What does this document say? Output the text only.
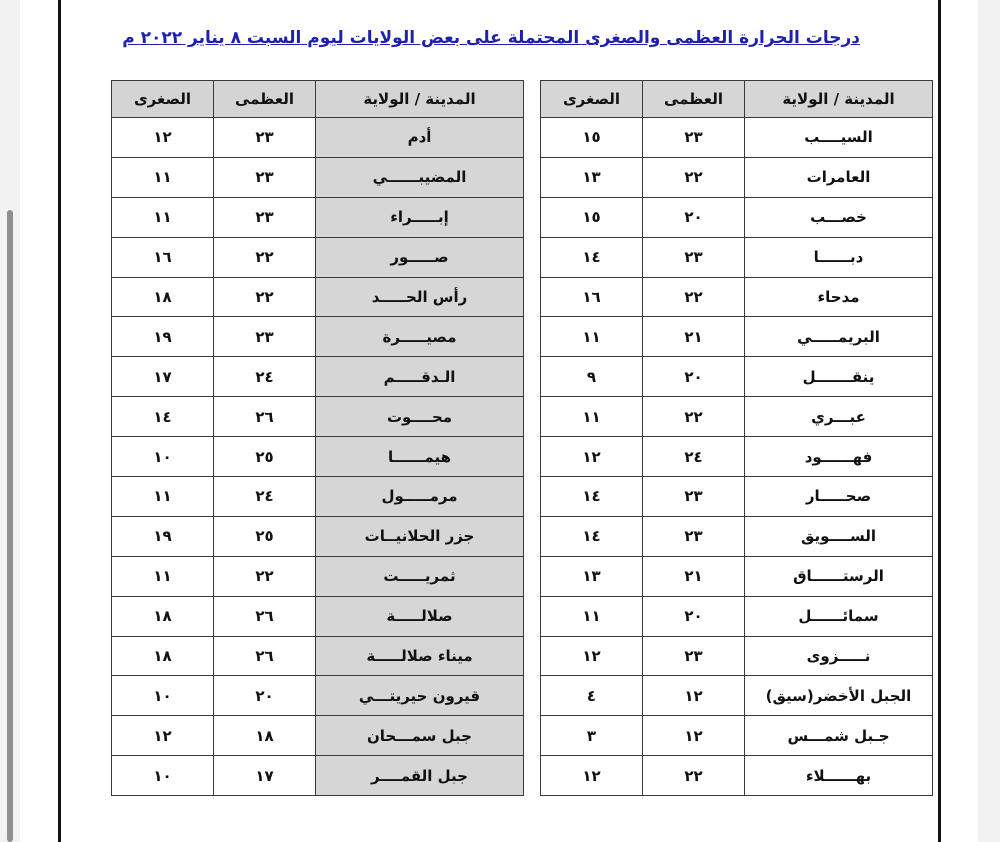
درجات الحرارة العظمى والصغرى المحتملة على بعض الولايات ليوم السبت ٨ يناير ٢٠٢٢ م
المدينة / الولاية	العظمى	الصغرى
السيــــب	٢٣	١٥
العامرات	٢٢	١٣
خصـــب	٢٠	١٥
دبــــــا	٢٣	١٤
مدحاء	٢٢	١٦
البريمـــــي	٢١	١١
ينقـــــــل	٢٠	٩
عبـــري	٢٢	١١
فهــــــود	٢٤	١٢
صحـــــار	٢٣	١٤
الســــويق	٢٣	١٤
الرستــــــاق	٢١	١٣
سمائــــــل	٢٠	١١
نـــــزوى	٢٣	١٢
الجبل الأخضر(سيق)	١٢	٤
جـبل شمـــس	١٢	٣
بهــــــلاء	٢٢	١٢
المدينة / الولاية	العظمى	الصغرى
أدم	٢٣	١٢
المضيبــــــي	٢٣	١١
إبـــــراء	٢٣	١١
صـــــور	٢٢	١٦
رأس الحـــــد	٢٢	١٨
مصيـــــرة	٢٣	١٩
الـدقـــــم	٢٤	١٧
محــــوت	٢٦	١٤
هيمــــــا	٢٥	١٠
مرمـــــول	٢٤	١١
جزر الحلانيــات	٢٥	١٩
ثمريـــــت	٢٢	١١
صلالـــــة	٢٦	١٨
ميناء صلالـــــة	٢٦	١٨
قيرون حيريتـــي	٢٠	١٠
جبل سمـــحان	١٨	١٢
جبل القمــــر	١٧	١٠
